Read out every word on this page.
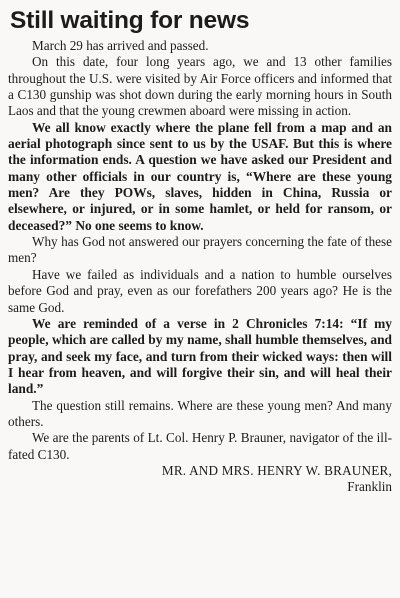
Still waiting for news

March 29 has arrived and passed.

On this date, four long years ago, we and 13 other families throughout the U.S. were visited by Air Force officers and informed that a C130 gunship was shot down during the early morning hours in South Laos and that the young crewmen aboard were missing in action.

We all know exactly where the plane fell from a map and an aerial photograph since sent to us by the USAF. But this is where the information ends. A question we have asked our President and many other officials in our country is, “Where are these young men? Are they POWs, slaves, hidden in China, Russia or elsewhere, or injured, or in some hamlet, or held for ransom, or deceased?” No one seems to know.

Why has God not answered our prayers concerning the fate of these men?

Have we failed as individuals and a nation to humble ourselves before God and pray, even as our forefathers 200 years ago? He is the same God.

We are reminded of a verse in 2 Chronicles 7:14: “If my people, which are called by my name, shall humble themselves, and pray, and seek my face, and turn from their wicked ways: then will I hear from heaven, and will forgive their sin, and will heal their land.”

The question still remains. Where are these young men? And many others.

We are the parents of Lt. Col. Henry P. Brauner, navigator of the ill-fated C130.

MR. AND MRS. HENRY W. BRAUNER,

Franklin
